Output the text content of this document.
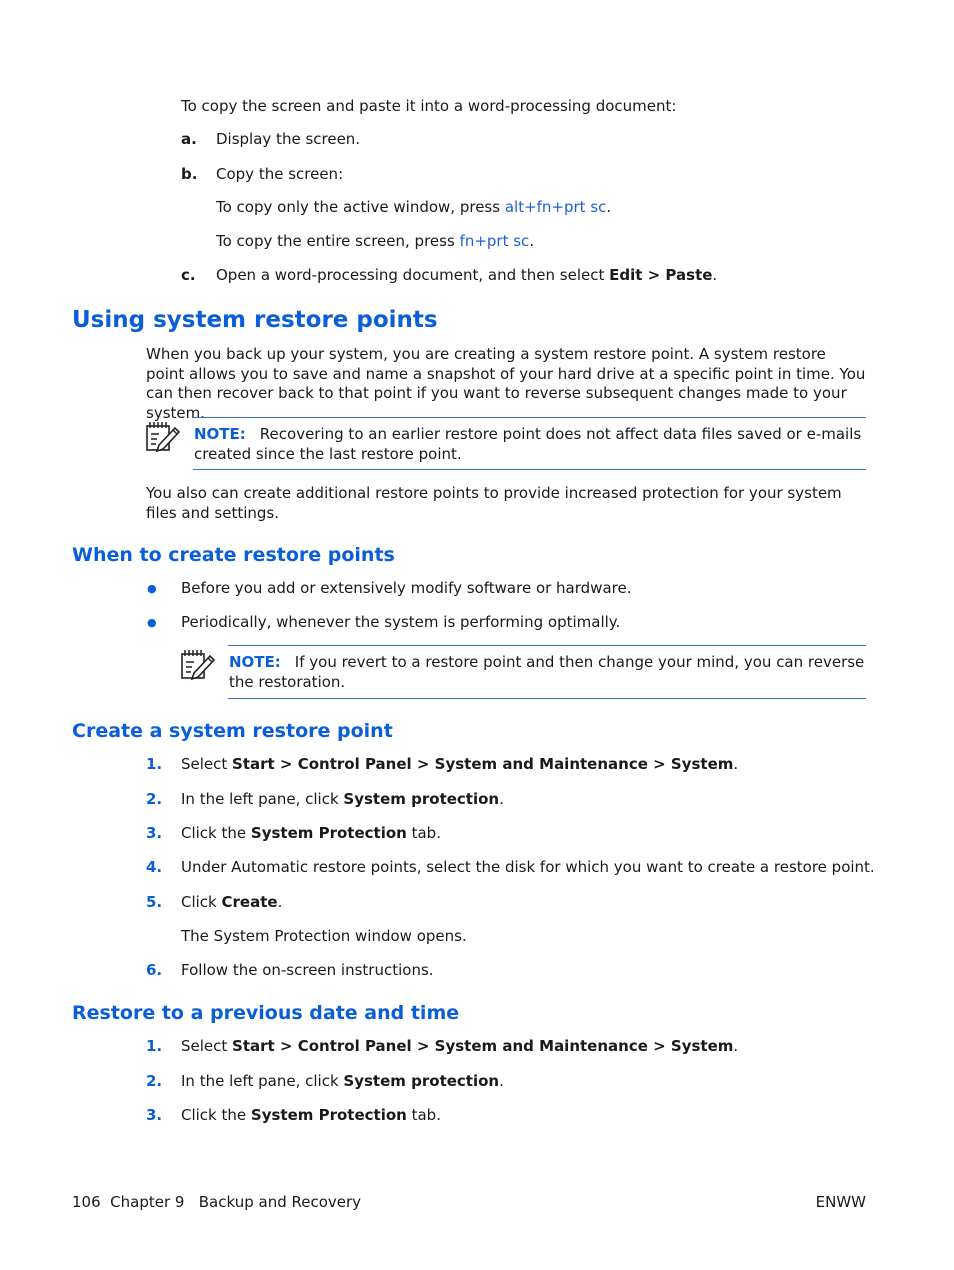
To copy the screen and paste it into a word-processing document:
a. Display the screen.
b. Copy the screen:
To copy only the active window, press alt+fn+prt sc.
To copy the entire screen, press fn+prt sc.
c. Open a word-processing document, and then select Edit > Paste.
Using system restore points
When you back up your system, you are creating a system restore point. A system restore point allows you to save and name a snapshot of your hard drive at a specific point in time. You can then recover back to that point if you want to reverse subsequent changes made to your system.
NOTE: Recovering to an earlier restore point does not affect data files saved or e-mails created since the last restore point.
You also can create additional restore points to provide increased protection for your system files and settings.
When to create restore points
● Before you add or extensively modify software or hardware.
● Periodically, whenever the system is performing optimally.
NOTE: If you revert to a restore point and then change your mind, you can reverse the restoration.
Create a system restore point
1. Select Start > Control Panel > System and Maintenance > System.
2. In the left pane, click System protection.
3. Click the System Protection tab.
4. Under Automatic restore points, select the disk for which you want to create a restore point.
5. Click Create.
The System Protection window opens.
6. Follow the on-screen instructions.
Restore to a previous date and time
1. Select Start > Control Panel > System and Maintenance > System.
2. In the left pane, click System protection.
3. Click the System Protection tab.
106  Chapter 9   Backup and Recovery	ENWW
